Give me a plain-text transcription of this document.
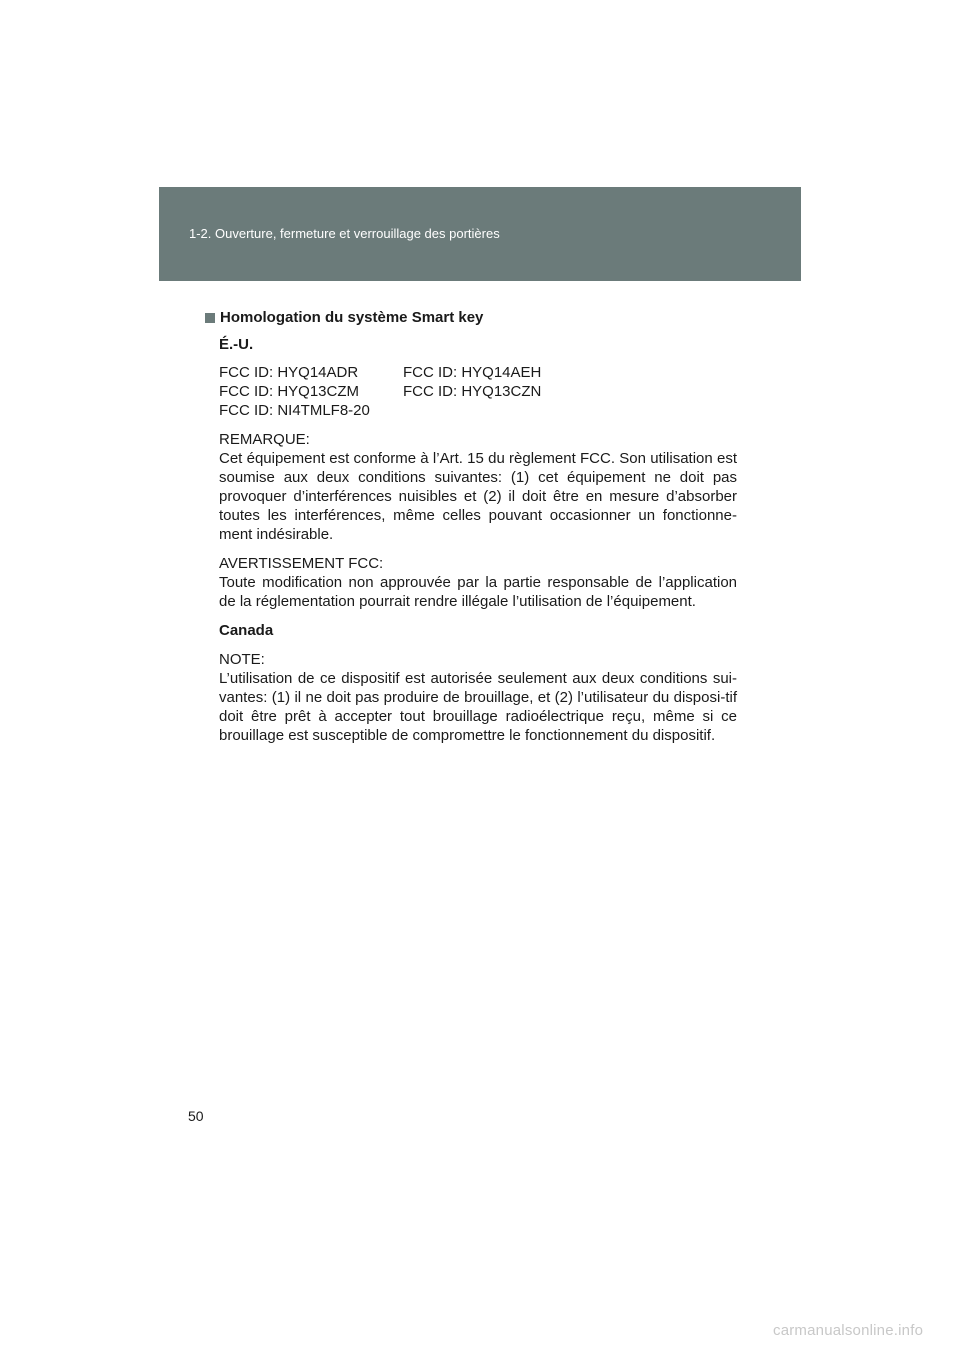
1-2. Ouverture, fermeture et verrouillage des portières
Homologation du système Smart key
É.-U.
FCC ID: HYQ14ADR	FCC ID: HYQ14AEH
FCC ID: HYQ13CZM	FCC ID: HYQ13CZN
FCC ID: NI4TMLF8-20
REMARQUE:
Cet équipement est conforme à l’Art. 15 du règlement FCC. Son utilisation est soumise aux deux conditions suivantes: (1) cet équipement ne doit pas provoquer d’interférences nuisibles et (2) il doit être en mesure d’absorber toutes les interférences, même celles pouvant occasionner un fonctionne-ment indésirable.
AVERTISSEMENT FCC:
Toute modification non approuvée par la partie responsable de l’application de la réglementation pourrait rendre illégale l’utilisation de l’équipement.
Canada
NOTE:
L’utilisation de ce dispositif est autorisée seulement aux deux conditions sui-vantes: (1) il ne doit pas produire de brouillage, et (2) l’utilisateur du disposi-tif doit être prêt à accepter tout brouillage radioélectrique reçu, même si ce brouillage est susceptible de compromettre le fonctionnement du dispositif.
50
carmanualsonline.info
